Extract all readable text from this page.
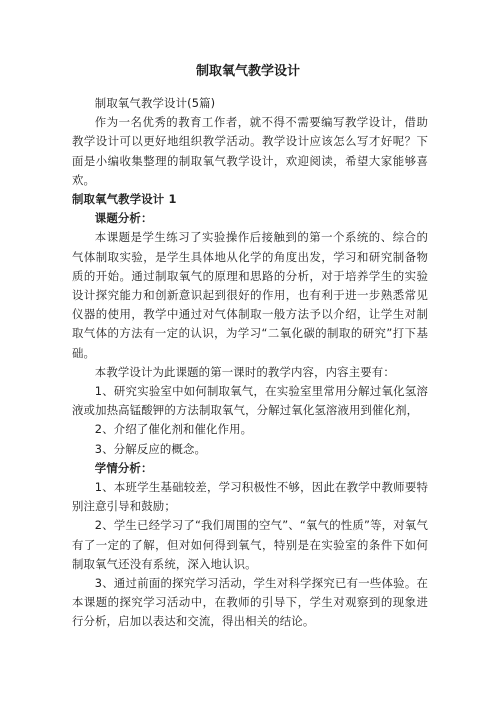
制取氧气教学设计

制取氧气教学设计(5篇)

作为一名优秀的教育工作者，就不得不需要编写教学设计，借助教学设计可以更好地组织教学活动。教学设计应该怎么写才好呢？下面是小编收集整理的制取氧气教学设计，欢迎阅读，希望大家能够喜欢。

制取氧气教学设计 1

课题分析：

本课题是学生练习了实验操作后接触到的第一个系统的、综合的气体制取实验，是学生具体地从化学的角度出发，学习和研究制备物质的开始。通过制取氧气的原理和思路的分析，对于培养学生的实验设计探究能力和创新意识起到很好的作用，也有利于进一步熟悉常见仪器的使用，教学中通过对气体制取一般方法予以介绍，让学生对制取气体的方法有一定的认识，为学习“二氧化碳的制取的研究”打下基础。

本教学设计为此课题的第一课时的教学内容，内容主要有：

1、研究实验室中如何制取氧气，在实验室里常用分解过氧化氢溶液或加热高锰酸钾的方法制取氧气，分解过氧化氢溶液用到催化剂，

2、介绍了催化剂和催化作用。

3、分解反应的概念。

学情分析：

1、本班学生基础较差，学习积极性不够，因此在教学中教师要特别注意引导和鼓励；

2、学生已经学习了“我们周围的空气”、“氧气的性质”等，对氧气有了一定的了解，但对如何得到氧气，特别是在实验室的条件下如何制取氧气还没有系统，深入地认识。

3、通过前面的探究学习活动，学生对科学探究已有一些体验。在本课题的探究学习活动中，在教师的引导下，学生对观察到的现象进行分析，启加以表达和交流，得出相关的结论。
